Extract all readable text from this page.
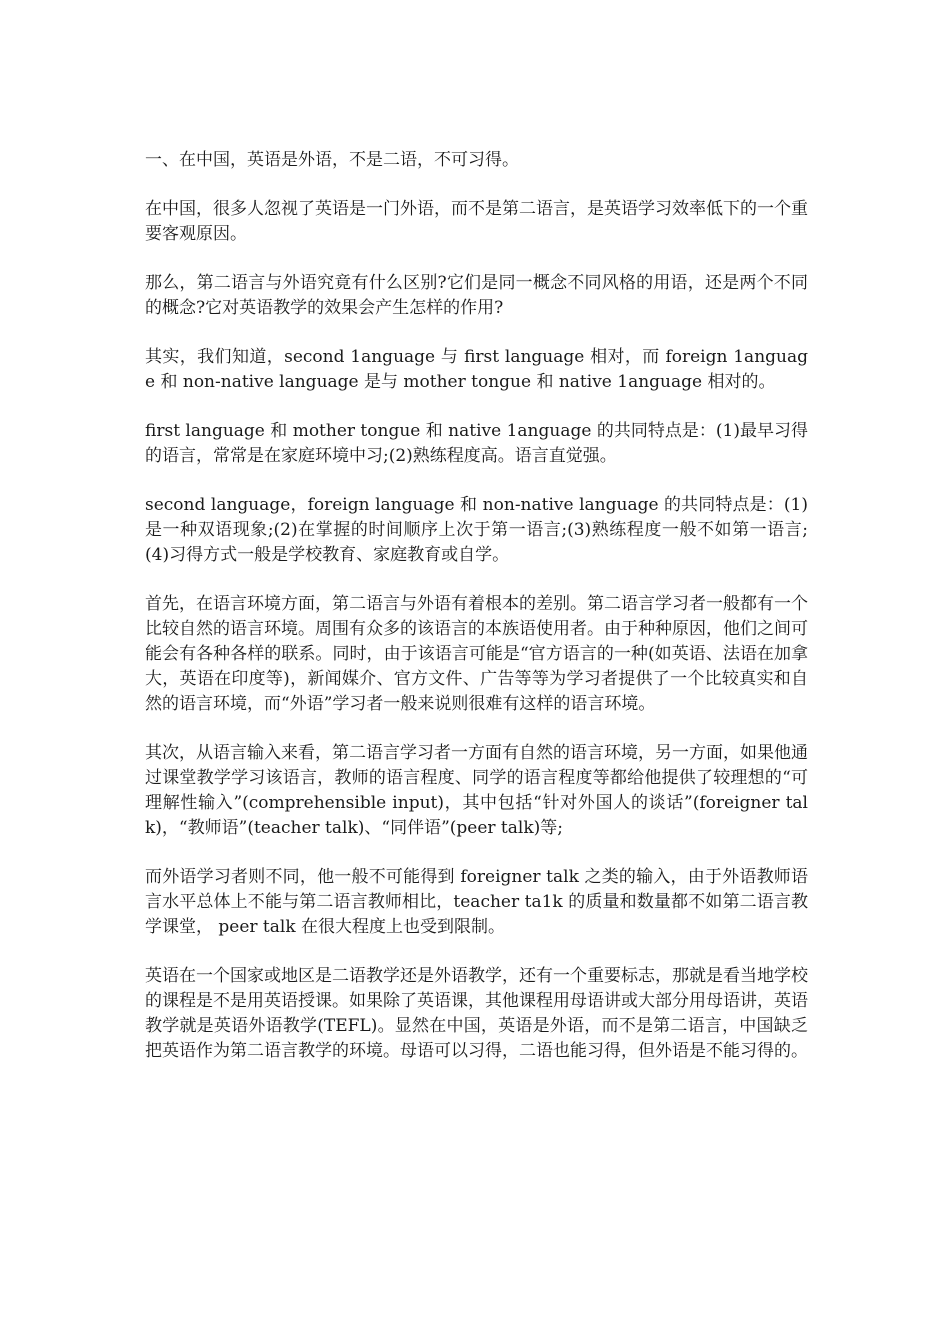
一、在中国，英语是外语，不是二语，不可习得。

在中国，很多人忽视了英语是一门外语，而不是第二语言，是英语学习效率低下的一个重要客观原因。

那么，第二语言与外语究竟有什么区别?它们是同一概念不同风格的用语，还是两个不同的概念?它对英语教学的效果会产生怎样的作用?

其实，我们知道，second 1anguage 与 first language 相对，而 foreign 1anguage 和 non-native language 是与 mother tongue 和 native 1anguage 相对的。

first language 和 mother tongue 和 native 1anguage 的共同特点是：(1)最早习得的语言，常常是在家庭环境中习;(2)熟练程度高。语言直觉强。

second language，foreign language 和 non-native language 的共同特点是：(1)是一种双语现象;(2)在掌握的时间顺序上次于第一语言;(3)熟练程度一般不如第一语言;(4)习得方式一般是学校教育、家庭教育或自学。

首先，在语言环境方面，第二语言与外语有着根本的差别。第二语言学习者一般都有一个比较自然的语言环境。周围有众多的该语言的本族语使用者。由于种种原因，他们之间可能会有各种各样的联系。同时，由于该语言可能是“官方语言的一种(如英语、法语在加拿大，英语在印度等)，新闻媒介、官方文件、广告等等为学习者提供了一个比较真实和自然的语言环境，而“外语”学习者一般来说则很难有这样的语言环境。

其次，从语言输入来看，第二语言学习者一方面有自然的语言环境，另一方面，如果他通过课堂教学学习该语言，教师的语言程度、同学的语言程度等都给他提供了较理想的“可理解性输入”(comprehensible input)，其中包括“针对外国人的谈话”(foreigner talk)，“教师语”(teacher talk)、“同伴语”(peer talk)等;

而外语学习者则不同，他一般不可能得到 foreigner talk 之类的输入，由于外语教师语言水平总体上不能与第二语言教师相比，teacher ta1k 的质量和数量都不如第二语言教学课堂， peer talk 在很大程度上也受到限制。

英语在一个国家或地区是二语教学还是外语教学，还有一个重要标志，那就是看当地学校的课程是不是用英语授课。如果除了英语课，其他课程用母语讲或大部分用母语讲，英语教学就是英语外语教学(TEFL)。显然在中国，英语是外语，而不是第二语言，中国缺乏把英语作为第二语言教学的环境。母语可以习得，二语也能习得，但外语是不能习得的。
